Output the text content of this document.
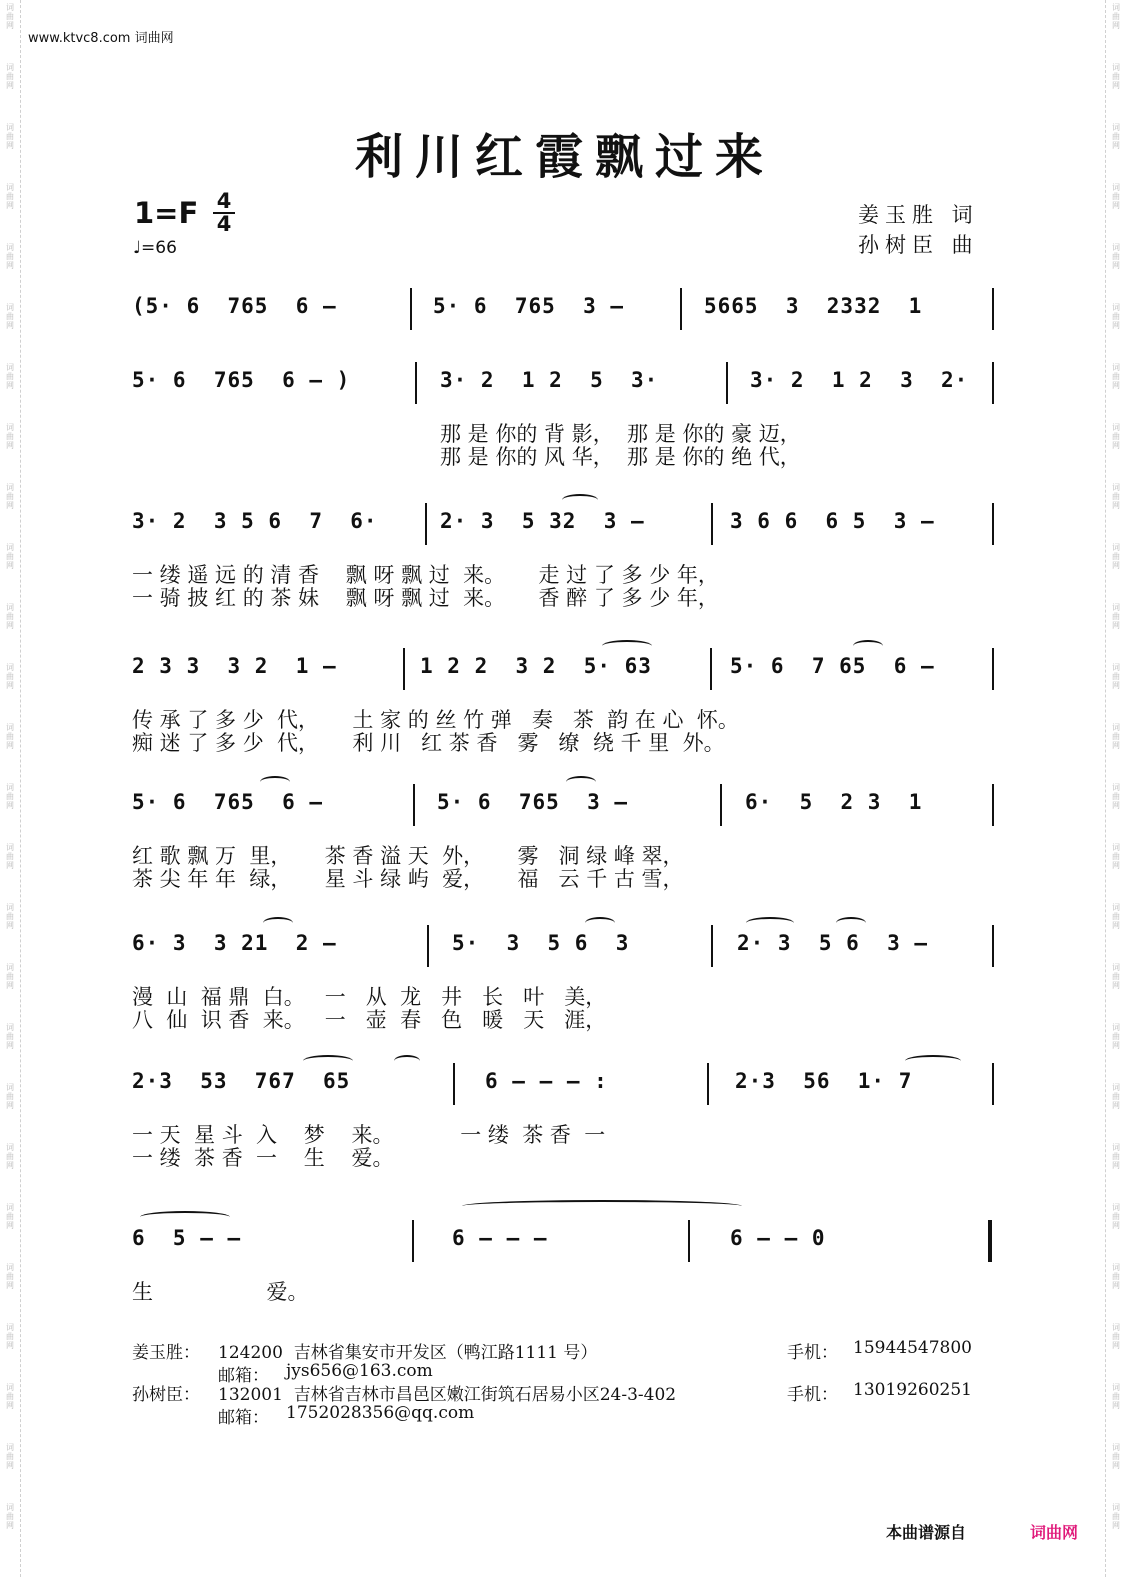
词
曲
网
词
曲
网
词
曲
网
词
曲
网
词
曲
网
词
曲
网
词
曲
网
词
曲
网
词
曲
网
词
曲
网
词
曲
网
词
曲
网
词
曲
网
词
曲
网
词
曲
网
词
曲
网
词
曲
网
词
曲
网
词
曲
网
词
曲
网
词
曲
网
词
曲
网
词
曲
网
词
曲
网
词
曲
网
词
曲
网
词
曲
网
词
曲
网
词
曲
网
词
曲
网
词
曲
网
词
曲
网
词
曲
网
词
曲
网
词
曲
网
词
曲
网
词
曲
网
词
曲
网
词
曲
网
词
曲
网
词
曲
网
词
曲
网
词
曲
网
词
曲
网
词
曲
网
词
曲
网
词
曲
网
词
曲
网
词
曲
网
词
曲
网
词
曲
网
词
曲
网
www.ktvc8.com 词曲网
利川红霞飘过来
1=F 4
4
♩=66
姜玉胜 词
孙树臣 曲
(5· 6  765  6 –	5· 6  765  3 –	5665  3  2332  1
5· 6  765  6 – )	3· 2  1 2  5  3·	3· 2  1 2  3  2·
那 是 你的 背 影，  那 是 你的 豪 迈，
那 是 你的 风 华，  那 是 你的 绝 代，
3· 2  3 5 6  7  6·	2· 3  5 32  3 –	3 6 6  6 5  3 –
一 缕 遥 远 的 清 香    飘 呀 飘 过  来。     走 过 了 多 少 年，
一 骑 披 红 的 茶 妹    飘 呀 飘 过  来。     香 醉 了 多 少 年，
2 3 3  3 2  1 –	1 2 2  3 2  5· 63	5· 6  7 65  6 –
传 承 了 多 少  代，     土 家 的 丝 竹 弹   奏   茶  韵 在 心  怀。
痴 迷 了 多 少  代，     利 川   红 茶 香   雾   缭  绕 千 里  外。
5· 6  765  6 –	5· 6  765  3 –	6·  5  2 3  1
红 歌 飘 万  里，     茶 香 溢 天  外，     雾   洞 绿 峰 翠，
茶 尖 年 年  绿，     星 斗 绿 屿  爱，     福   云 千 古 雪，
6· 3  3 21  2 –	5·  3  5 6  3	2· 3  5 6  3 –
漫  山  福 鼎  白。   一   从  龙   井   长   叶   美，
八  仙  识 香  来。   一   壶  春   色   暖   天   涯，
2·3  53  767  65	6 – – – :	2·3  56  1· 7
一 天  星 斗  入    梦    来。          一 缕  茶 香  一
一 缕  茶 香  一    生    爱。
6  5 – –	6 – – –	6 – – 0
生                 爱。
姜玉胜： 124200  吉林省集安市开发区（鸭江路1111 号）	手机： 15944547800
邮箱： jys656@163.com
孙树臣： 132001  吉林省吉林市昌邑区嫩江街筑石居易小区24-3-402	手机： 13019260251
邮箱： 1752028356@qq.com
本曲谱源自	词曲网
